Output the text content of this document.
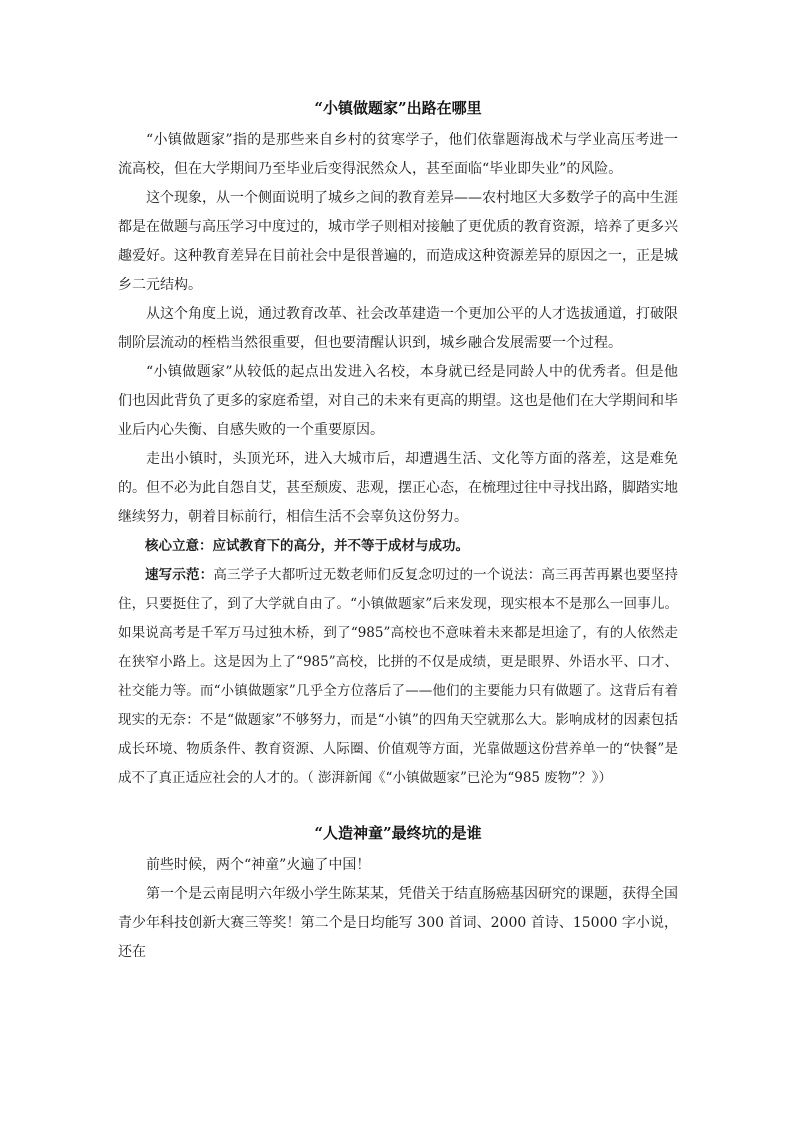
“小镇做题家”出路在哪里

“小镇做题家”指的是那些来自乡村的贫寒学子，他们依靠题海战术与学业高压考进一流高校，但在大学期间乃至毕业后变得泯然众人，甚至面临“毕业即失业”的风险。

这个现象，从一个侧面说明了城乡之间的教育差异——农村地区大多数学子的高中生涯都是在做题与高压学习中度过的，城市学子则相对接触了更优质的教育资源，培养了更多兴趣爱好。这种教育差异在目前社会中是很普遍的，而造成这种资源差异的原因之一，正是城乡二元结构。

从这个角度上说，通过教育改革、社会改革建造一个更加公平的人才选拔通道，打破限制阶层流动的桎梏当然很重要，但也要清醒认识到，城乡融合发展需要一个过程。

“小镇做题家”从较低的起点出发进入名校，本身就已经是同龄人中的优秀者。但是他们也因此背负了更多的家庭希望，对自己的未来有更高的期望。这也是他们在大学期间和毕业后内心失衡、自感失败的一个重要原因。

走出小镇时，头顶光环，进入大城市后，却遭遇生活、文化等方面的落差，这是难免的。但不必为此自怨自艾，甚至颓废、悲观，摆正心态，在梳理过往中寻找出路，脚踏实地继续努力，朝着目标前行，相信生活不会辜负这份努力。

核心立意：应试教育下的高分，并不等于成材与成功。

速写示范：高三学子大都听过无数老师们反复念叨过的一个说法：高三再苦再累也要坚持住，只要挺住了，到了大学就自由了。“小镇做题家”后来发现，现实根本不是那么一回事儿。如果说高考是千军万马过独木桥，到了“985”高校也不意味着未来都是坦途了，有的人依然走在狭窄小路上。这是因为上了“985”高校，比拼的不仅是成绩，更是眼界、外语水平、口才、社交能力等。而“小镇做题家”几乎全方位落后了——他们的主要能力只有做题了。这背后有着现实的无奈：不是“做题家”不够努力，而是“小镇”的四角天空就那么大。影响成材的因素包括成长环境、物质条件、教育资源、人际圈、价值观等方面，光靠做题这份营养单一的“快餐”是成不了真正适应社会的人才的。（ 澎湃新闻《“小镇做题家”已沦为“985 废物”？》）

“人造神童”最终坑的是谁

前些时候，两个“神童”火遍了中国！

第一个是云南昆明六年级小学生陈某某，凭借关于结直肠癌基因研究的课题，获得全国青少年科技创新大赛三等奖！第二个是日均能写 300 首词、2000 首诗、15000 字小说，还在
